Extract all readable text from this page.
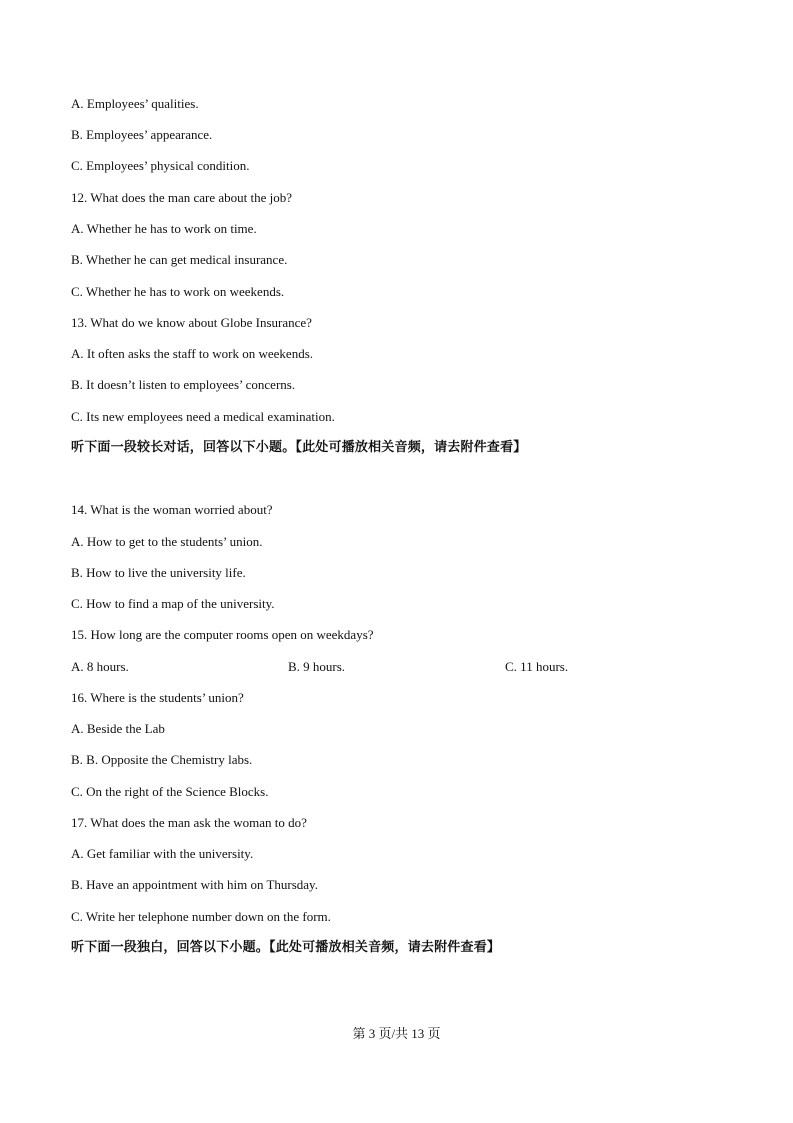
A. Employees’ qualities.
B. Employees’ appearance.
C. Employees’ physical condition.
12. What does the man care about the job?
A. Whether he has to work on time.
B. Whether he can get medical insurance.
C. Whether he has to work on weekends.
13. What do we know about Globe Insurance?
A. It often asks the staff to work on weekends.
B. It doesn’t listen to employees’ concerns.
C. Its new employees need a medical examination.
听下面一段较长对话，回答以下小题。【此处可播放相关音频，请去附件查看】
14. What is the woman worried about?
A. How to get to the students’ union.
B. How to live the university life.
C. How to find a map of the university.
15. How long are the computer rooms open on weekdays?
A. 8 hours.	B. 9 hours.	C. 11 hours.
16. Where is the students’ union?
A. Beside the Lab
B. B. Opposite the Chemistry labs.
C. On the right of the Science Blocks.
17. What does the man ask the woman to do?
A. Get familiar with the university.
B. Have an appointment with him on Thursday.
C. Write her telephone number down on the form.
听下面一段独白，回答以下小题。【此处可播放相关音频，请去附件查看】
第 3 页/共 13 页
